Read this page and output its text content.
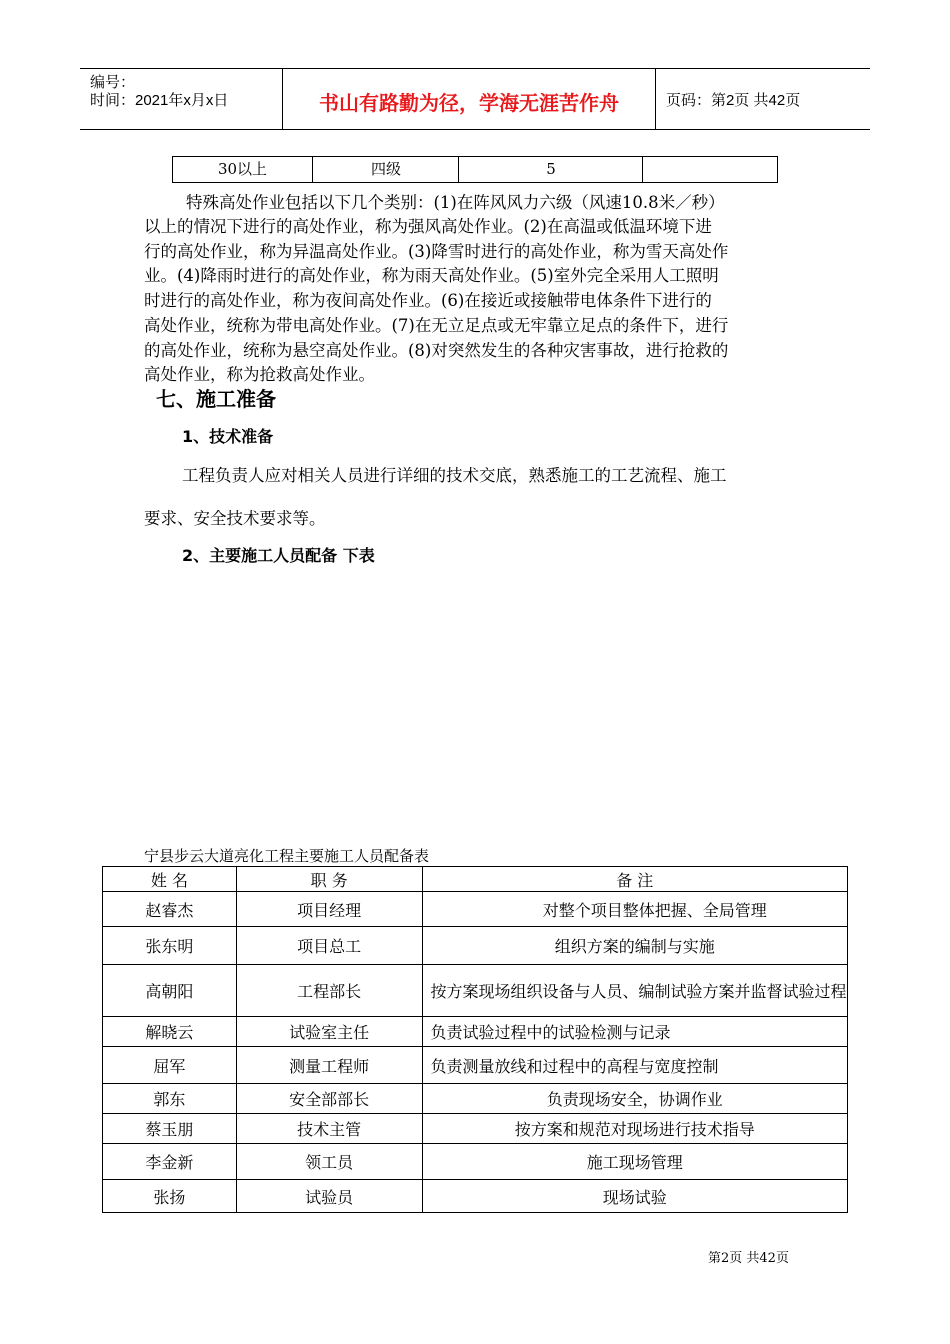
编号：
时间：2021年x月x日	书山有路勤为径，学海无涯苦作舟	页码：第2页 共42页
30以上	四级	5
特殊高处作业包括以下几个类别：(1)在阵风风力六级（风速10.8米／秒）
以上的情况下进行的高处作业，称为强风高处作业。(2)在高温或低温环境下进
行的高处作业，称为异温高处作业。(3)降雪时进行的高处作业，称为雪天高处作
业。(4)降雨时进行的高处作业，称为雨天高处作业。(5)室外完全采用人工照明
时进行的高处作业，称为夜间高处作业。(6)在接近或接触带电体条件下进行的
高处作业，统称为带电高处作业。(7)在无立足点或无牢靠立足点的条件下，进行
的高处作业，统称为悬空高处作业。(8)对突然发生的各种灾害事故，进行抢救的
高处作业，称为抢救高处作业。
七、施工准备
1、技术准备
工程负责人应对相关人员进行详细的技术交底，熟悉施工的工艺流程、施工
要求、安全技术要求等。
2、主要施工人员配备 下表
宁县步云大道亮化工程主要施工人员配备表
姓 名	职 务	备 注
赵睿杰	项目经理	对整个项目整体把握、全局管理
张东明	项目总工	组织方案的编制与实施
高朝阳	工程部长	按方案现场组织设备与人员、编制试验方案并监督试验过程
解晓云	试验室主任	负责试验过程中的试验检测与记录
屈军	测量工程师	负责测量放线和过程中的高程与宽度控制
郭东	安全部部长	负责现场安全，协调作业
蔡玉朋	技术主管	按方案和规范对现场进行技术指导
李金新	领工员	施工现场管理
张扬	试验员	现场试验
第2页 共42页
